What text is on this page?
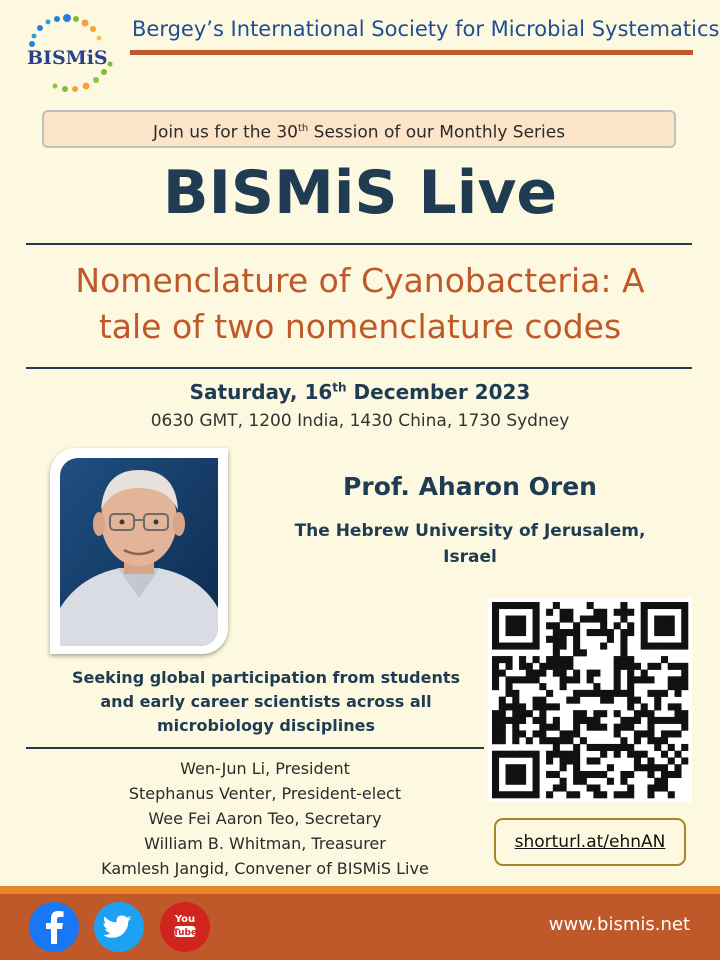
BISMiS
Bergey’s International Society for Microbial Systematics
Join us for the 30th Session of our Monthly Series
BISMiS Live
Nomenclature of Cyanobacteria: A
tale of two nomenclature codes
Saturday, 16th December 2023
0630 GMT, 1200 India, 1430 China, 1730 Sydney
Prof. Aharon Oren
The Hebrew University of Jerusalem,
Israel
Seeking global participation from students
and early career scientists across all
microbiology disciplines
Wen-Jun Li, President
Stephanus Venter, President-elect
Wee Fei Aaron Teo, Secretary
William B. Whitman, Treasurer
Kamlesh Jangid, Convener of BISMiS Live
shorturl.at/ehnAN
You
Tube	www.bismis.net
